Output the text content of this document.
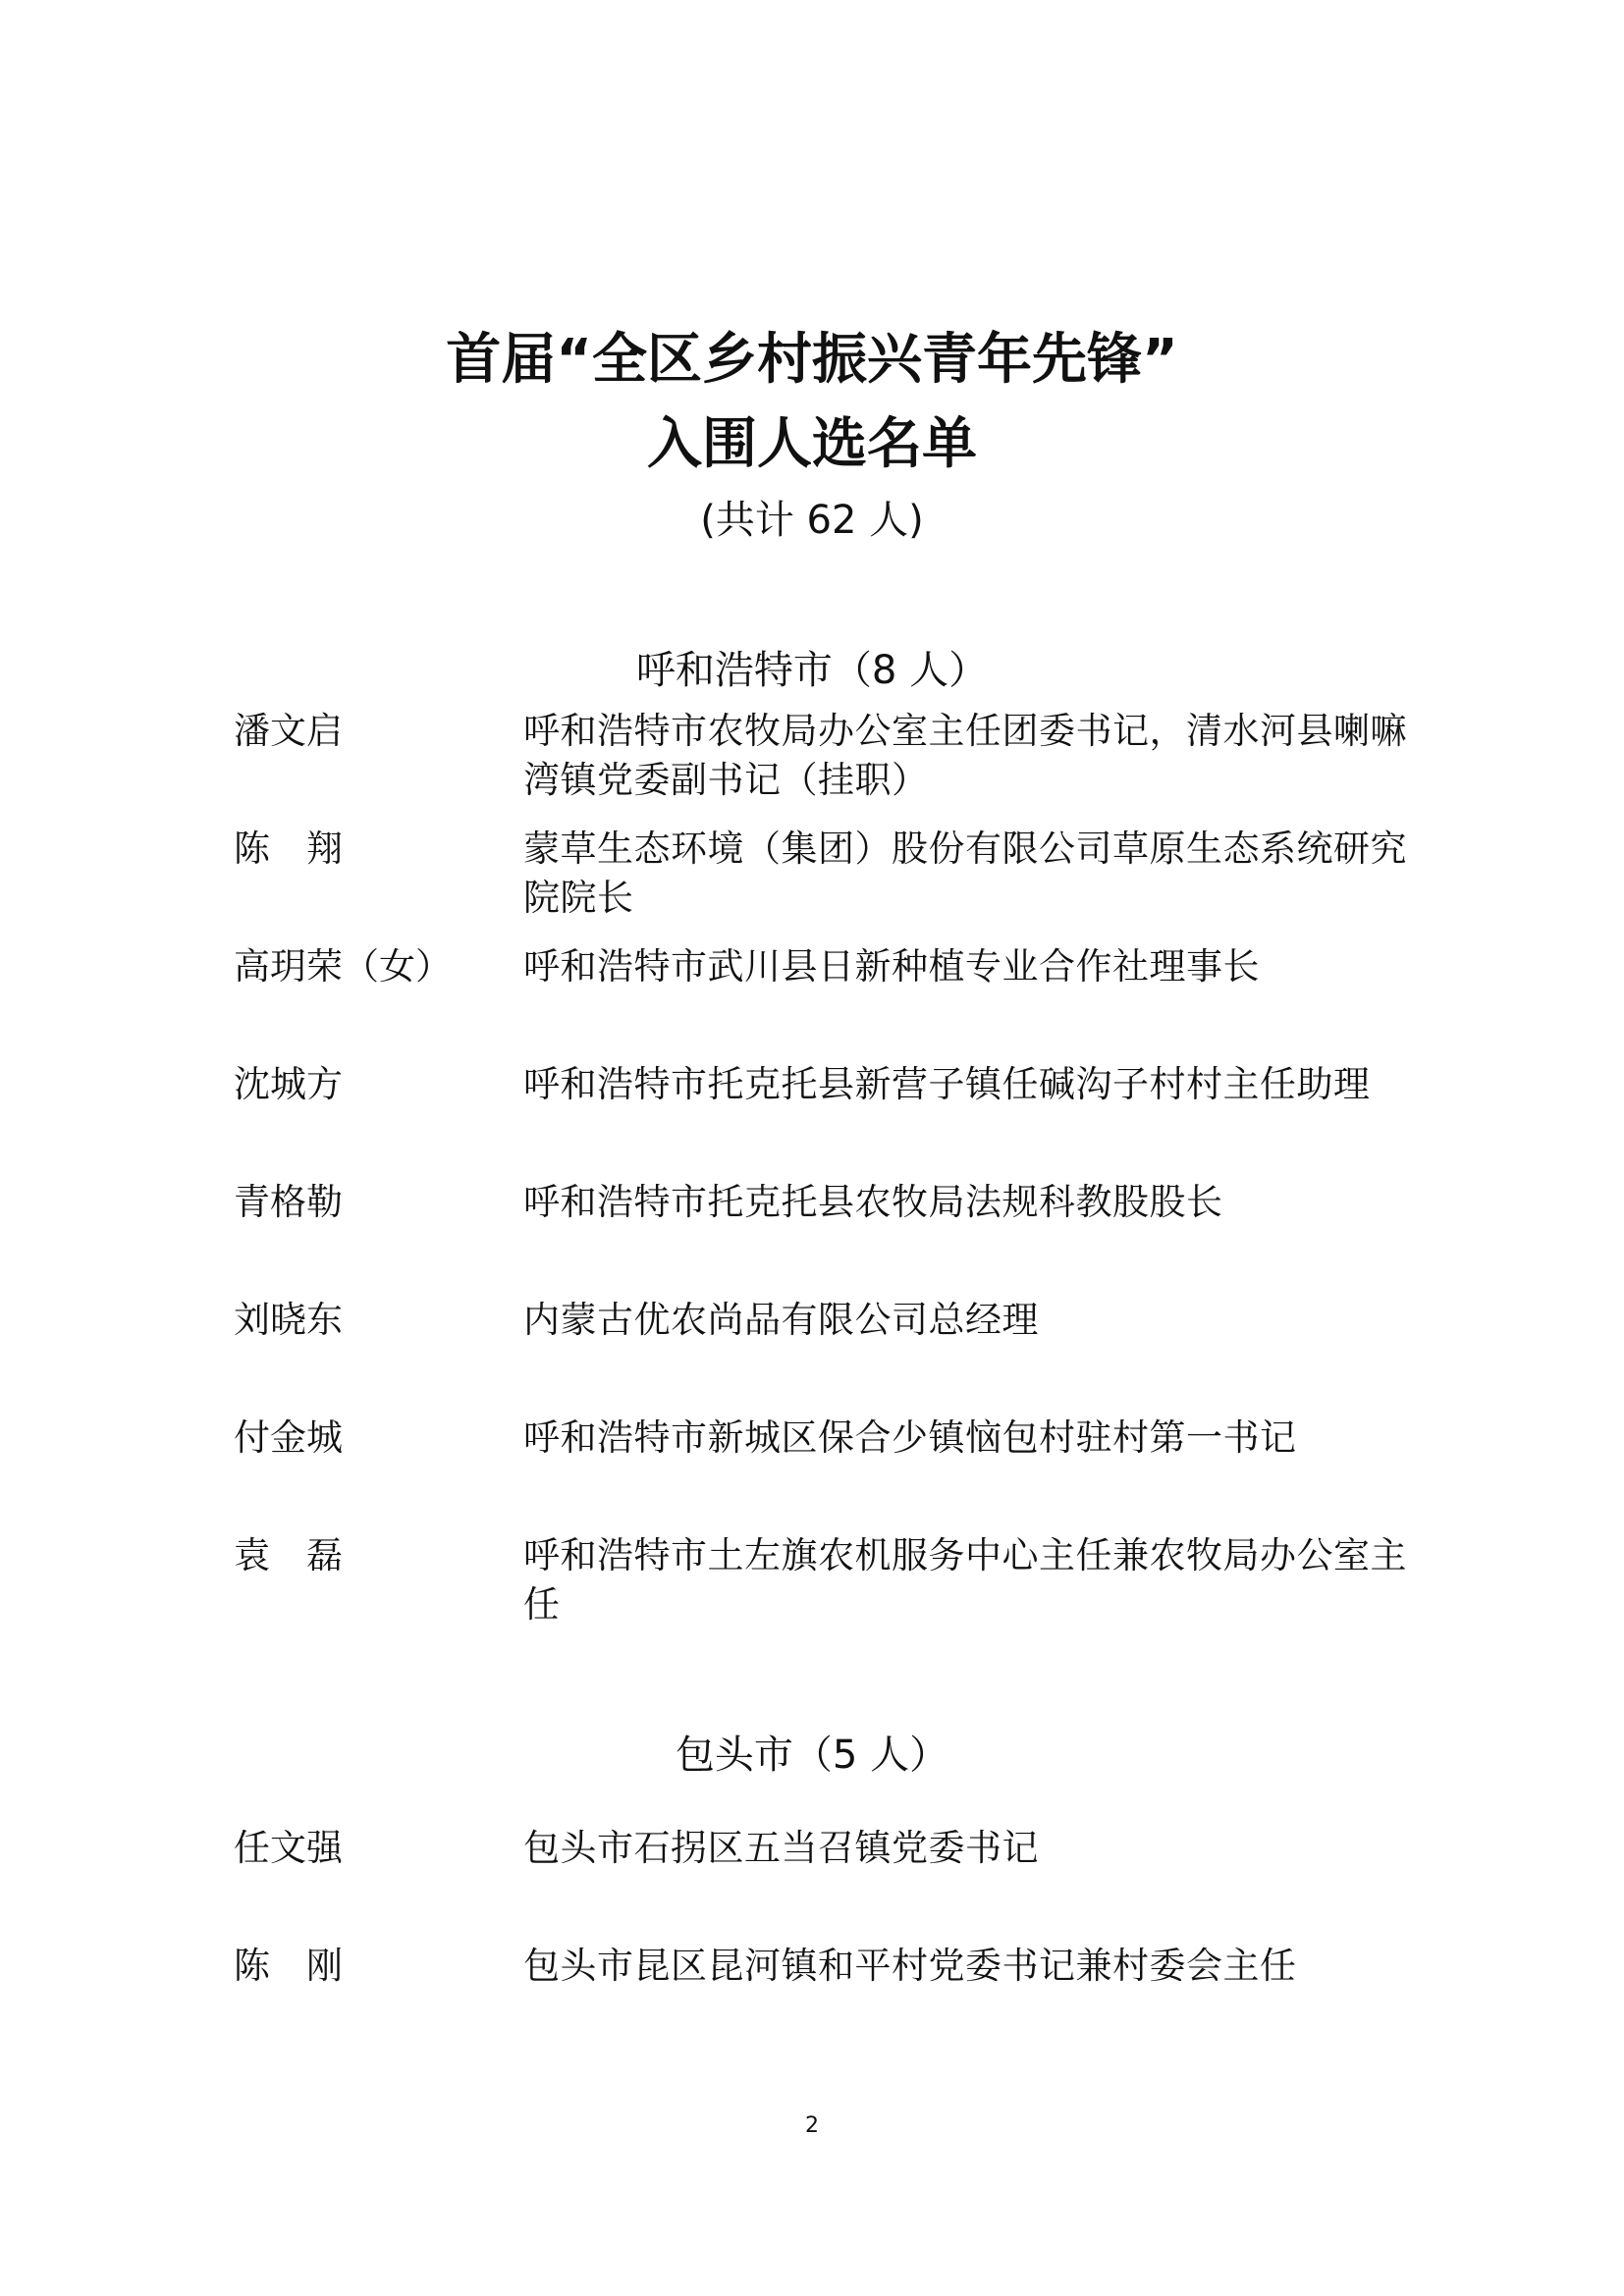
首届“全区乡村振兴青年先锋”
入围人选名单
(共计 62 人)
呼和浩特市（8 人）
潘文启	呼和浩特市农牧局办公室主任团委书记，清水河县喇嘛湾镇党委副书记（挂职）
陈　翔	蒙草生态环境（集团）股份有限公司草原生态系统研究院院长
高玥荣（女） 呼和浩特市武川县日新种植专业合作社理事长
沈城方	呼和浩特市托克托县新营子镇任碱沟子村村主任助理
青格勒	呼和浩特市托克托县农牧局法规科教股股长
刘晓东	内蒙古优农尚品有限公司总经理
付金城	呼和浩特市新城区保合少镇恼包村驻村第一书记
袁　磊	呼和浩特市土左旗农机服务中心主任兼农牧局办公室主任
包头市（5 人）
任文强	包头市石拐区五当召镇党委书记
陈　刚	包头市昆区昆河镇和平村党委书记兼村委会主任
2
